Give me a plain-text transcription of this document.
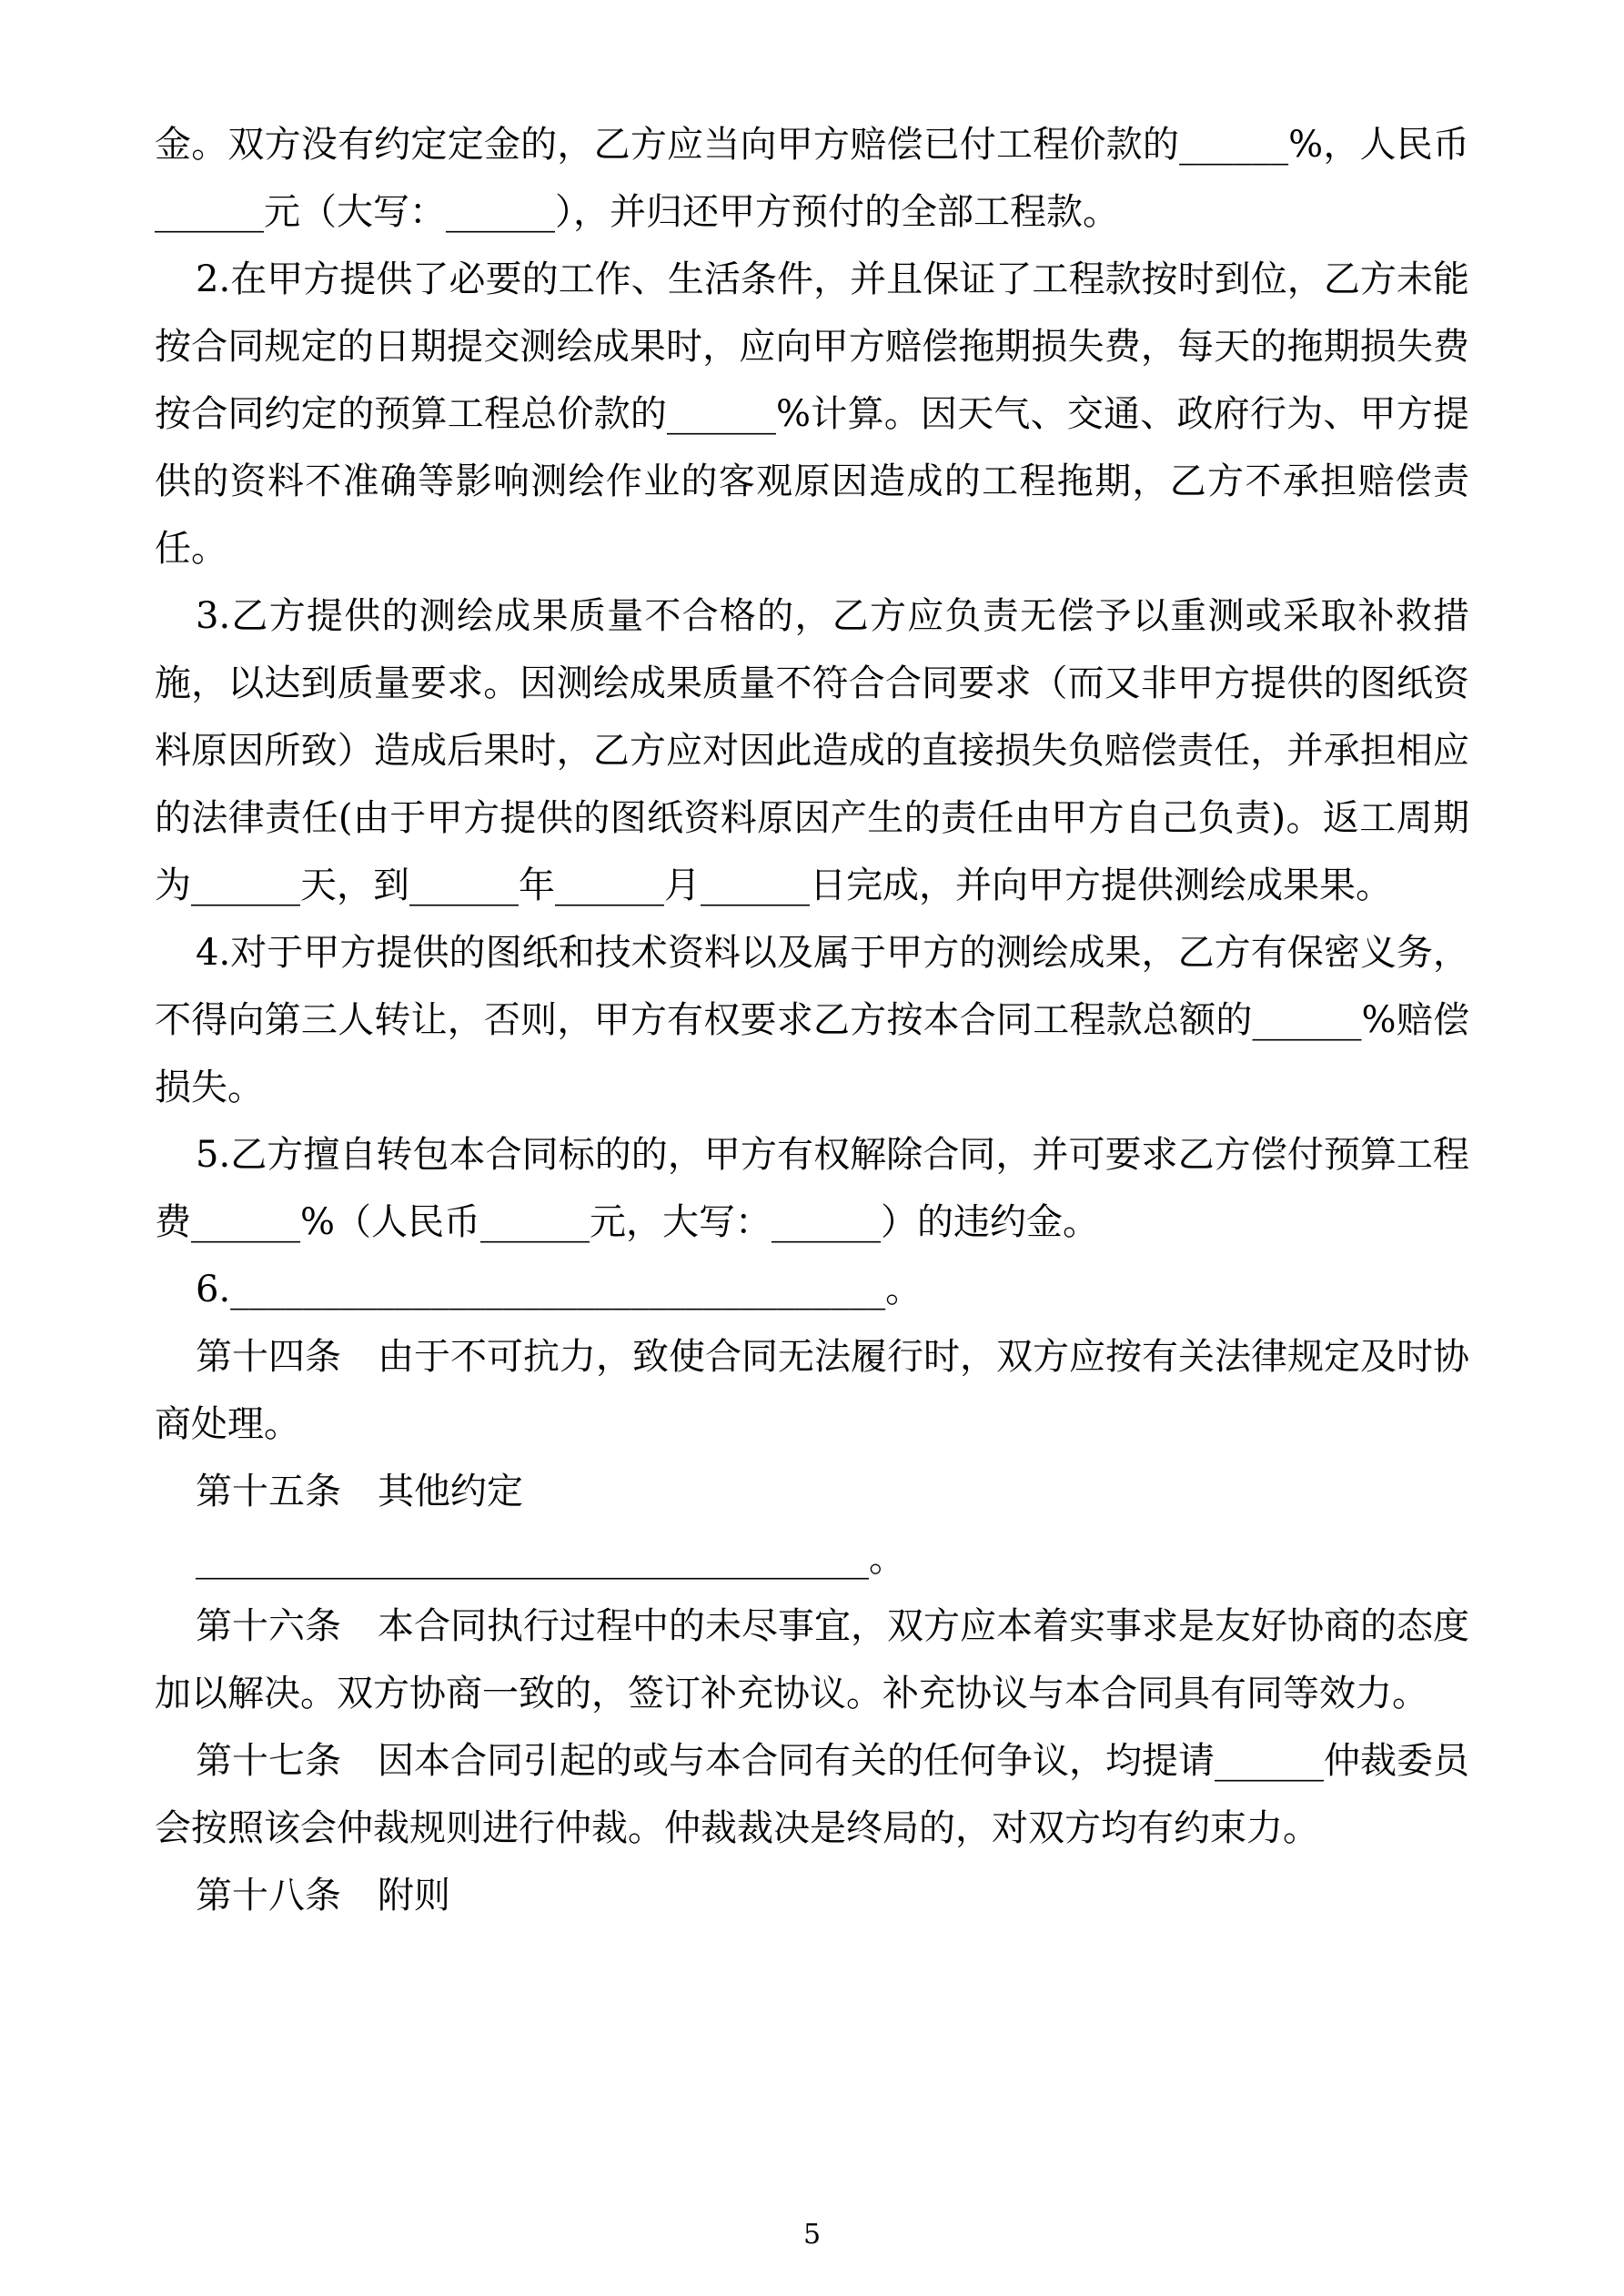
金。双方没有约定定金的，乙方应当向甲方赔偿已付工程价款的______%，人民币______元（大写：______），并归还甲方预付的全部工程款。

2.在甲方提供了必要的工作、生活条件，并且保证了工程款按时到位，乙方未能按合同规定的日期提交测绘成果时，应向甲方赔偿拖期损失费，每天的拖期损失费按合同约定的预算工程总价款的______%计算。因天气、交通、政府行为、甲方提供的资料不准确等影响测绘作业的客观原因造成的工程拖期，乙方不承担赔偿责任。

3.乙方提供的测绘成果质量不合格的，乙方应负责无偿予以重测或采取补救措施，以达到质量要求。因测绘成果质量不符合合同要求（而又非甲方提供的图纸资料原因所致）造成后果时，乙方应对因此造成的直接损失负赔偿责任，并承担相应的法律责任(由于甲方提供的图纸资料原因产生的责任由甲方自己负责)。返工周期为______天，到______年______月______日完成，并向甲方提供测绘成果果。

4.对于甲方提供的图纸和技术资料以及属于甲方的测绘成果，乙方有保密义务，不得向第三人转让，否则，甲方有权要求乙方按本合同工程款总额的______%赔偿损失。

5.乙方擅自转包本合同标的的，甲方有权解除合同，并可要求乙方偿付预算工程费______%（人民币______元，大写：______）的违约金。

6.____________________________________。

第十四条　由于不可抗力，致使合同无法履行时，双方应按有关法律规定及时协商处理。

第十五条　其他约定

_____________________________________。

第十六条　本合同执行过程中的未尽事宜，双方应本着实事求是友好协商的态度加以解决。双方协商一致的，签订补充协议。补充协议与本合同具有同等效力。

第十七条　因本合同引起的或与本合同有关的任何争议，均提请______仲裁委员会按照该会仲裁规则进行仲裁。仲裁裁决是终局的，对双方均有约束力。

第十八条　附则

5
